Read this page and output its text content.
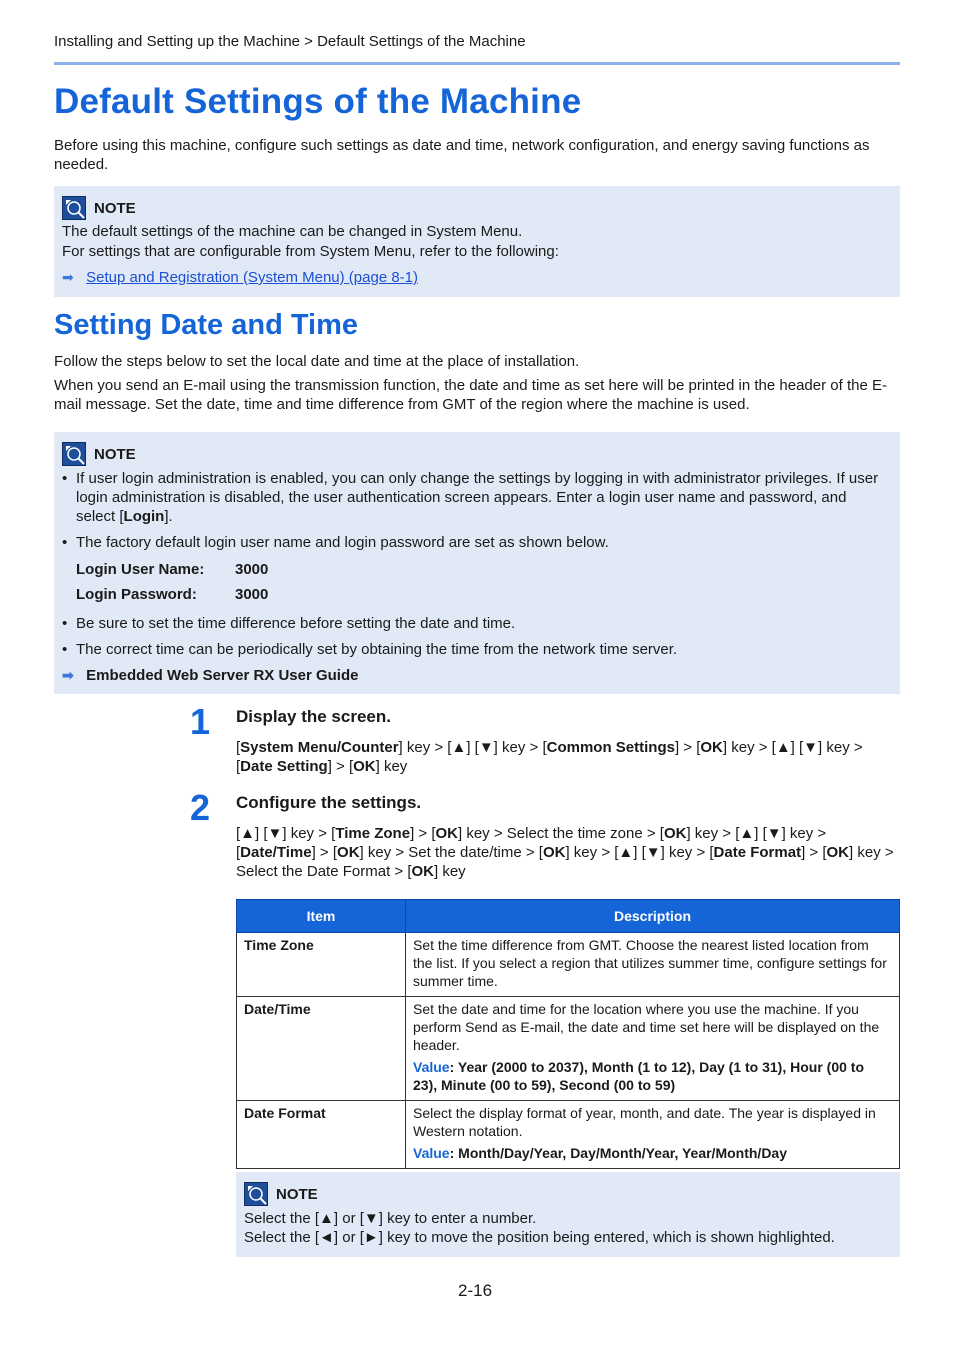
Installing and Setting up the Machine > Default Settings of the Machine
Default Settings of the Machine
Before using this machine, configure such settings as date and time, network configuration, and energy saving functions as needed.
NOTE
The default settings of the machine can be changed in System Menu.
For settings that are configurable from System Menu, refer to the following:
➡ Setup and Registration (System Menu) (page 8-1)
Setting Date and Time
Follow the steps below to set the local date and time at the place of installation.
When you send an E-mail using the transmission function, the date and time as set here will be printed in the header of the E-mail message. Set the date, time and time difference from GMT of the region where the machine is used.
NOTE
• If user login administration is enabled, you can only change the settings by logging in with administrator privileges. If user login administration is disabled, the user authentication screen appears. Enter a login user name and password, and select [Login].
• The factory default login user name and login password are set as shown below.
Login User Name: 3000
Login Password:	3000
• Be sure to set the time difference before setting the date and time.
• The correct time can be periodically set by obtaining the time from the network time server.
➡ Embedded Web Server RX User Guide
1 Display the screen.
[System Menu/Counter] key > [▲] [▼] key > [Common Settings] > [OK] key > [▲] [▼] key > [Date Setting] > [OK] key
2 Configure the settings.
[▲] [▼] key > [Time Zone] > [OK] key > Select the time zone > [OK] key > [▲] [▼] key > [Date/Time] > [OK] key > Set the date/time > [OK] key > [▲] [▼] key > [Date Format] > [OK] key > Select the Date Format > [OK] key
Item	Description
Time Zone	Set the time difference from GMT. Choose the nearest listed location from the list. If you select a region that utilizes summer time, configure settings for summer time.
Date/Time	Set the date and time for the location where you use the machine. If you perform Send as E-mail, the date and time set here will be displayed on the header.
Value: Year (2000 to 2037), Month (1 to 12), Day (1 to 31), Hour (00 to 23), Minute (00 to 59), Second (00 to 59)

Date Format	Select the display format of year, month, and date. The year is displayed in Western notation.
Value: Month/Day/Year, Day/Month/Year, Year/Month/Day
NOTE
Select the [▲] or [▼] key to enter a number.
Select the [◄] or [►] key to move the position being entered, which is shown highlighted.
2-16
